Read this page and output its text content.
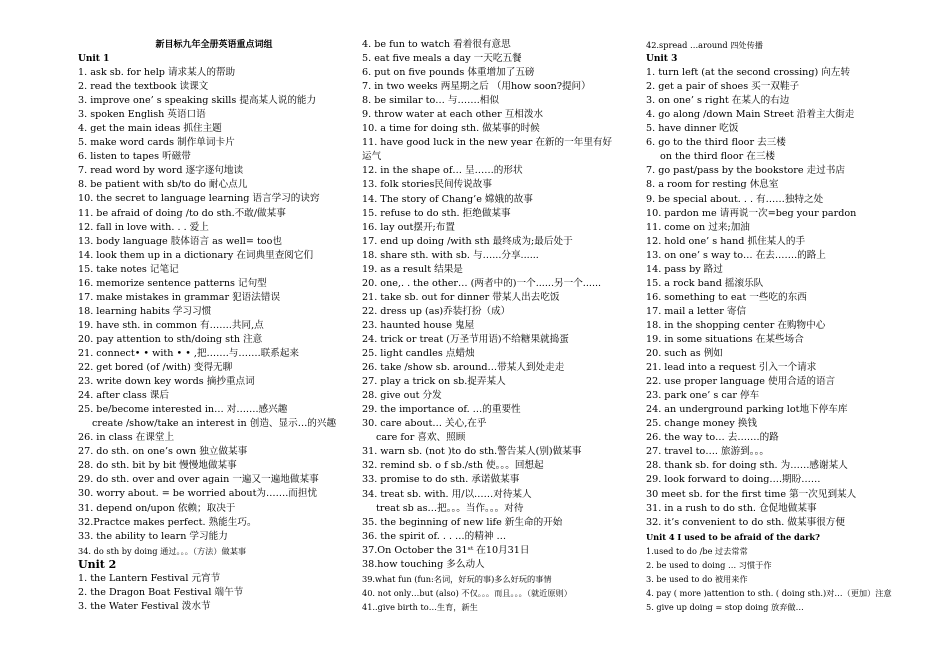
新目标九年全册英语重点词组
Unit 1
1. ask sb. for help 请求某人的帮助
2. read the textbook 读课文
3. improve one’ s speaking skills 提高某人说的能力
3. spoken English 英语口语
4. get the main ideas 抓住主题
5. make word cards 制作单词卡片
6. listen to tapes 听磁带
7. read word by word 逐字逐句地读
8. be patient with sb/to do 耐心点儿
10. the secret to language learning 语言学习的诀窍
11. be afraid of doing /to do sth.不敢/做某事
12. fall in love with. . . 爱上
13. body language 肢体语言 as well= too也
14. look them up in a dictionary 在词典里查阅它们
15. take notes 记笔记
16. memorize sentence patterns 记句型
17. make mistakes in grammar 犯语法错误
18. learning habits 学习习惯
19. have sth. in common 有…….共同,点
20. pay attention to sth/doing sth 注意
21. connect• • with • • ,把…….与…….联系起来
22. get bored (of /with) 变得无聊
23. write down key words 摘抄重点词
24. after class 课后
25. be/become interested in… 对…….感兴趣
create /show/take an interest in 创造、显示…的兴趣
26. in class 在课堂上
27. do sth. on one’s own 独立做某事
28. do sth. bit by bit 慢慢地做某事
29. do sth. over and over again 一遍又一遍地做某事
30. worry about. = be worried about为…….而担忧
31. depend on/upon 依赖；取决于
32.Practce makes perfect. 熟能生巧。
33. the ability to learn 学习能力
34. do sth by doing 通过。。。（方法）做某事
Unit 2
1. the Lantern Festival 元宵节
2. the Dragon Boat Festival 端午节
3. the Water Festival 泼水节
4. be fun to watch 看着很有意思
5. eat five meals a day 一天吃五餐
6. put on five pounds 体重增加了五磅
7. in two weeks 两星期之后 （用how soon?提问）
8. be similar to… 与…….相似
9. throw water at each other 互相泼水
10. a time for doing sth. 做某事的时候
11. have good luck in the new year 在新的一年里有好
运气
12. in the shape of… 呈……的形状
13. folk stories民间传说故事
14. The story of Chang’e 嫦娥的故事
15. refuse to do sth. 拒绝做某事
16. lay out摆开;布置
17. end up doing /with sth 最终成为;最后处于
18. share sth. with sb. 与…...分享......
19. as a result 结果是
20. one,. . the other… (两者中的)一个......另一个......
21. take sb. out for dinner 带某人出去吃饭
22. dress up (as)乔装打扮（成）
23. haunted house 鬼屋
24. trick or treat (万圣节用语)不给糖果就捣蛋
25. light candles 点蜡烛
26. take /show sb. around…带某人到处走走
27. play a trick on sb.捉弄某人
28. give out 分发
29. the importance of. …的重要性
30. care about… 关心,在乎
care for 喜欢、照顾
31. warn sb. (not )to do sth.警告某人(别)做某事
32. remind sb. o f sb./sth 使。。。回想起
33. promise to do sth. 承诺做某事
34. treat sb. with. 用/以……对待某人
treat sb as…把。。。当作。。。对待
35. the beginning of new life 新生命的开始
36. the spirit of. . . …的精神 …
37.On October the 31ˢᵗ 在10月31日
38.how touching 多么动人
39.what fun (fun:名词，好玩的事)多么好玩的事情
40. not only…but (also) 不仅。。。而且。。。（就近原则）
41..give birth to…生育，新生
42.spread …around 四处传播
Unit 3
1. turn left (at the second crossing) 向左转
2. get a pair of shoes 买一双鞋子
3. on one’ s right 在某人的右边
4. go along /down Main Street 沿着主大街走
5. have dinner 吃饭
6. go to the third floor 去三楼
on the third floor 在三楼
7. go past/pass by the bookstore 走过书店
8. a room for resting 休息室
9. be special about. . . 有……独特之处
10. pardon me 请再说一次=beg your pardon
11. come on 过来;加油
12. hold one’ s hand 抓住某人的手
13. on one’ s way to… 在去…….的路上
14. pass by 路过
15. a rock band 摇滚乐队
16. something to eat 一些吃的东西
17. mail a letter 寄信
18. in the shopping center 在购物中心
19. in some situations 在某些场合
20. such as 例如
21. lead into a request 引入一个请求
22. use proper language 使用合适的语言
23. park one’ s car 停车
24. an underground parking lot地下停车库
25. change money 换钱
26. the way to… 去…….的路
27. travel to…. 旅游到。。。
28. thank sb. for doing sth. 为……感谢某人
29. look forward to doing….期盼……
30 meet sb. for the first time 第一次见到某人
31. in a rush to do sth. 仓促地做某事
32. it’s convenient to do sth. 做某事很方便
Unit 4 I used to be afraid of the dark?
1.used to do /be 过去常常
2. be used to doing … 习惯于作
3. be used to do 被用来作
4. pay ( more )attention to sth. ( doing sth.)对…（更加）注意
5. give up doing = stop doing 放弃做…
